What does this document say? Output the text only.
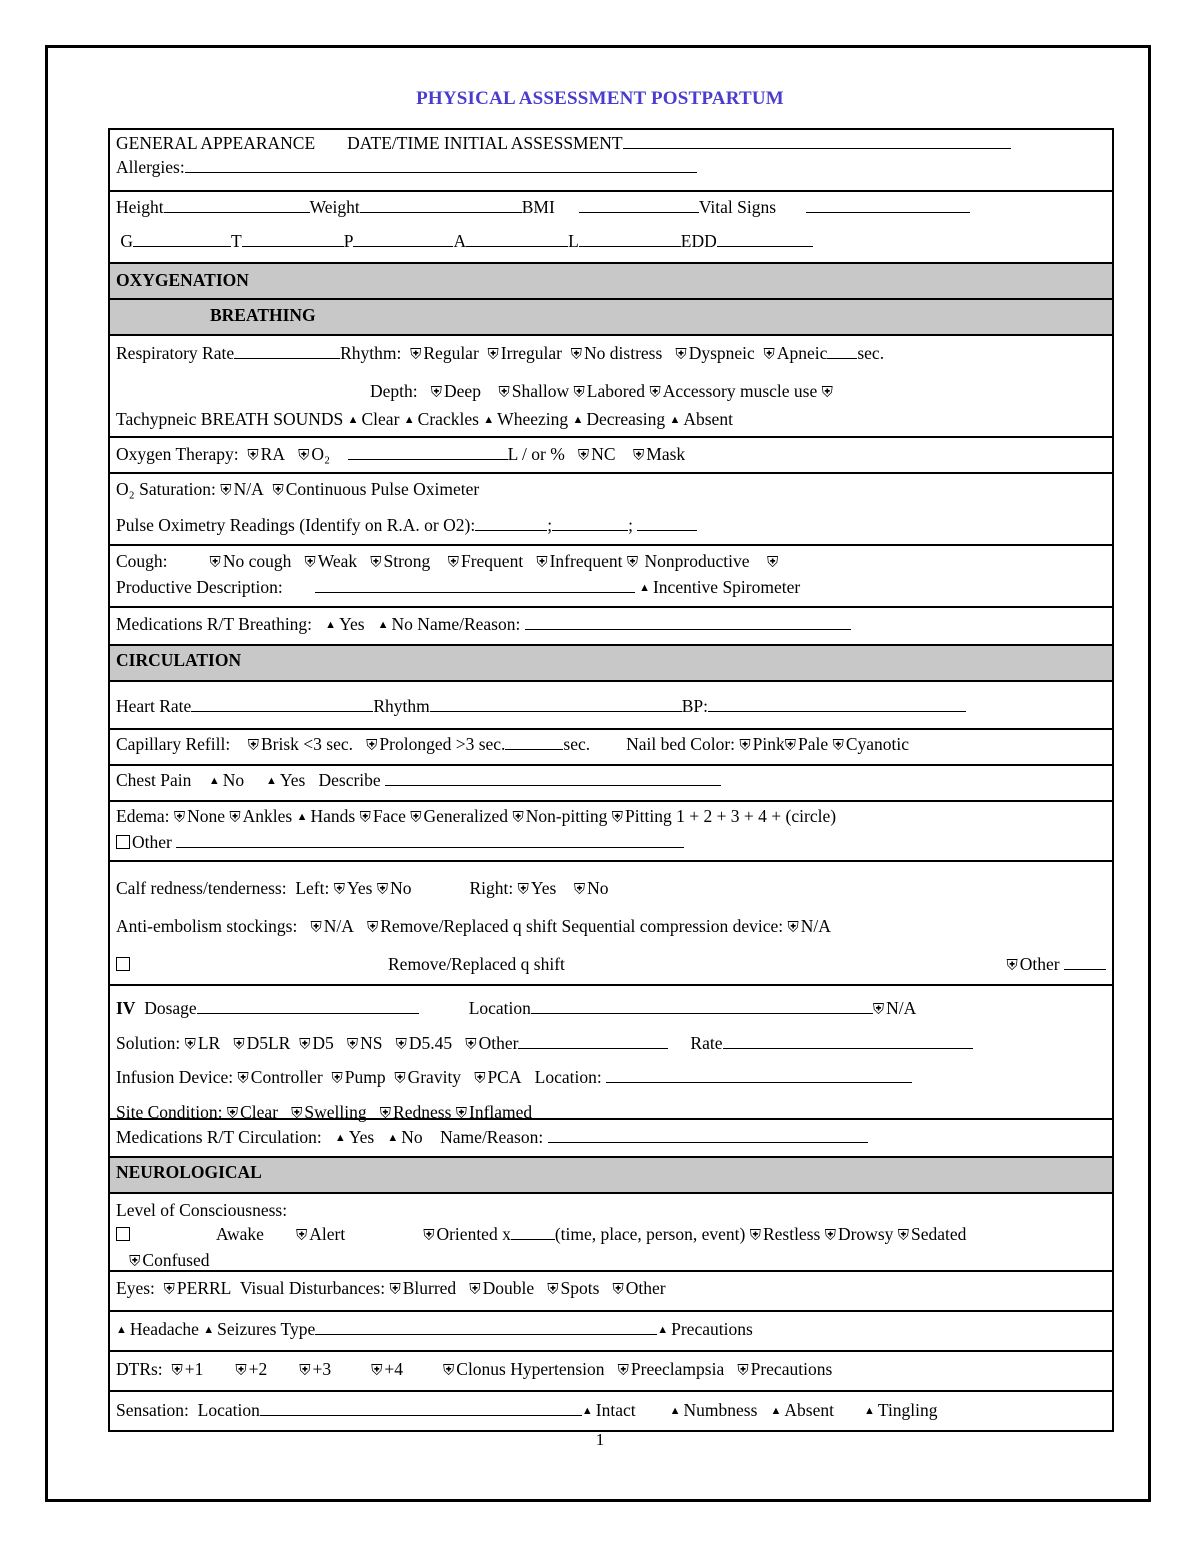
PHYSICAL ASSESSMENT POSTPARTUM
GENERAL APPEARANCE DATE/TIME INITIAL ASSESSMENT
Allergies:
Height	Weight	BMI	Vital Signs
G	T	P	A	L	EDD
OXYGENATION
BREATHING
Respiratory Rate	Rhythm: ⛨ Regular ⛨ Irregular ⛨ No distress ⛨ Dyspneic ⛨ Apneic sec.
Depth: ⛨ Deep ⛨ Shallow ⛨ Labored ⛨ Accessory muscle use ⛨
Tachypneic BREATH SOUNDS ▲ Clear ▲ Crackles ▲ Wheezing ▲ Decreasing ▲ Absent
Oxygen Therapy: ⛨ RA ⛨ O₂	L / or % ⛨ NC ⛨ Mask
O₂ Saturation: ⛨ N/A ⛨ Continuous Pulse Oximeter
Pulse Oximetry Readings (Identify on R.A. or O2):	;	;
Cough:	⛨ No cough ⛨ Weak ⛨ Strong ⛨ Frequent ⛨ Infrequent ⛨ Nonproductive ⛨
Productive Description:	▲ Incentive Spirometer
Medications R/T Breathing: ▲ Yes ▲ No Name/Reason:
CIRCULATION
Heart Rate	Rhythm	BP:
Capillary Refill: ⛨ Brisk <3 sec. ⛨ Prolonged >3 sec.	sec. Nail bed Color: ⛨ Pink⛨ Pale ⛨ Cyanotic
Chest Pain ▲ No ▲ Yes Describe
Edema: ⛨ None ⛨ Ankles ▲ Hands ⛨ Face ⛨ Generalized ⛨ Non-pitting ⛨ Pitting 1 + 2 + 3 + 4 + (circle)
Other
Calf redness/tenderness: Left: ⛨ Yes ⛨ No	Right: ⛨ Yes ⛨ No
Anti-embolism stockings: ⛨ N/A ⛨ Remove/Replaced q shift Sequential compression device: ⛨ N/A
Remove/Replaced q shift	⛨ Other
IV Dosage	Location	⛨ N/A
Solution: ⛨ LR ⛨ D5LR ⛨ D5 ⛨ NS ⛨ D5.45 ⛨ Other	Rate
Infusion Device: ⛨ Controller ⛨ Pump ⛨ Gravity ⛨ PCA Location:
Site Condition: ⛨ Clear ⛨ Swelling ⛨ Redness ⛨ Inflamed
Medications R/T Circulation: ▲ Yes ▲ No Name/Reason:
NEUROLOGICAL
Level of Consciousness:
Awake ⛨ Alert	⛨ Oriented x	(time, place, person, event) ⛨ Restless ⛨ Drowsy ⛨ Sedated
⛨ Confused
Eyes: ⛨ PERRL Visual Disturbances: ⛨ Blurred ⛨ Double ⛨ Spots ⛨ Other
▲ Headache ▲ Seizures Type	▲ Precautions
DTRs: ⛨ +1 ⛨ +2 ⛨ +3	⛨ +4	⛨ Clonus Hypertension ⛨ Preeclampsia ⛨ Precautions
Sensation: Location	▲ Intact	▲ Numbness ▲ Absent	▲ Tingling
1
